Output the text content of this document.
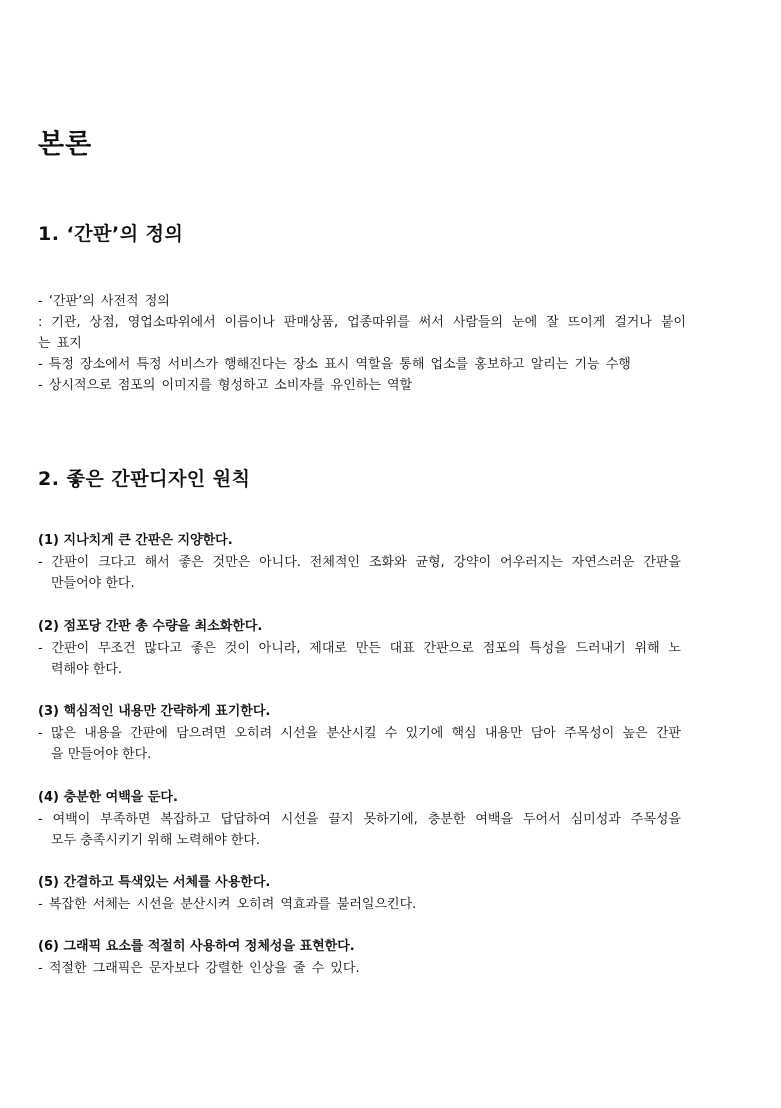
본론
1. ‘간판’의 정의
- ‘간판’의 사전적 정의
: 기관, 상점, 영업소따위에서 이름이나 판매상품, 업종따위를 써서 사람들의 눈에 잘 뜨이게 걸거나 붙이
는 표지
- 특정 장소에서 특정 서비스가 행해진다는 장소 표시 역할을 통해 업소를 홍보하고 알리는 기능 수행
- 상시적으로 점포의 이미지를 형성하고 소비자를 유인하는 역할
2. 좋은 간판디자인 원칙
(1) 지나치게 큰 간판은 지양한다.
- 간판이 크다고 해서 좋은 것만은 아니다. 전체적인 조화와 균형, 강약이 어우러지는 자연스러운 간판을
만들어야 한다.
(2) 점포당 간판 총 수량을 최소화한다.
- 간판이 무조건 많다고 좋은 것이 아니라, 제대로 만든 대표 간판으로 점포의 특성을 드러내기 위해 노
력해야 한다.
(3) 핵심적인 내용만 간략하게 표기한다.
- 많은 내용을 간판에 담으려면 오히려 시선을 분산시킬 수 있기에 핵심 내용만 담아 주목성이 높은 간판
을 만들어야 한다.
(4) 충분한 여백을 둔다.
- 여백이 부족하면 복잡하고 답답하여 시선을 끌지 못하기에, 충분한 여백을 두어서 심미성과 주목성을
모두 충족시키기 위해 노력해야 한다.
(5) 간결하고 특색있는 서체를 사용한다.
- 복잡한 서체는 시선을 분산시켜 오히려 역효과를 불러일으킨다.
(6) 그래픽 요소를 적절히 사용하여 정체성을 표현한다.
- 적절한 그래픽은 문자보다 강렬한 인상을 줄 수 있다.
